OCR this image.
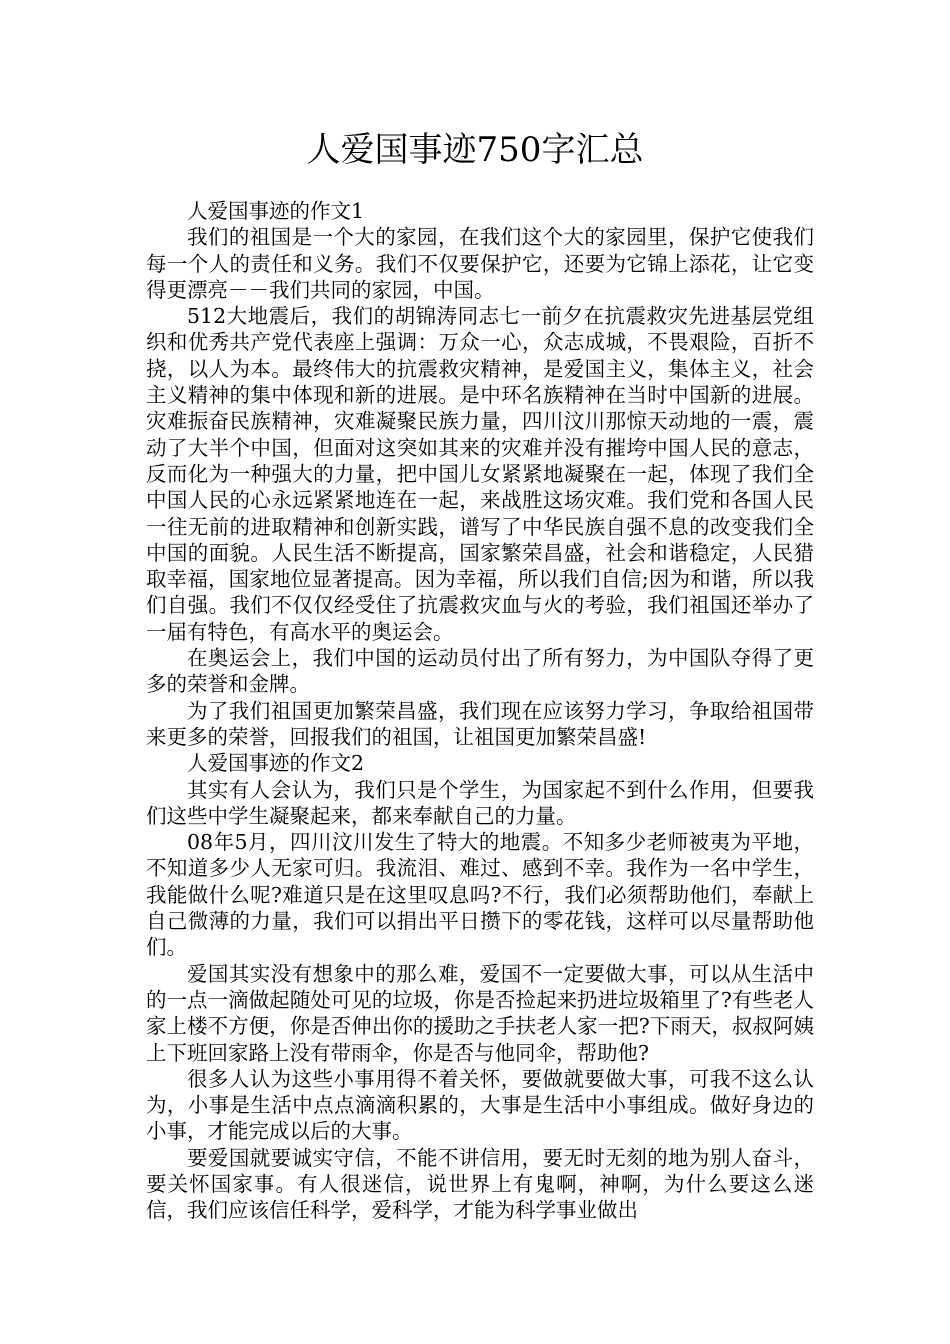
人爱国事迹750字汇总

人爱国事迹的作文1

我们的祖国是一个大的家园，在我们这个大的家园里，保护它使我们每一个人的责任和义务。我们不仅要保护它，还要为它锦上添花，让它变得更漂亮－－我们共同的家园，中国。

512大地震后，我们的胡锦涛同志七一前夕在抗震救灾先进基层党组织和优秀共产党代表座上强调：万众一心，众志成城，不畏艰险，百折不挠，以人为本。最终伟大的抗震救灾精神，是爱国主义，集体主义，社会主义精神的集中体现和新的进展。是中环名族精神在当时中国新的进展。灾难振奋民族精神，灾难凝聚民族力量，四川汶川那惊天动地的一震，震动了大半个中国，但面对这突如其来的灾难并没有摧垮中国人民的意志，反而化为一种强大的力量，把中国儿女紧紧地凝聚在一起，体现了我们全中国人民的心永远紧紧地连在一起，来战胜这场灾难。我们党和各国人民一往无前的进取精神和创新实践，谱写了中华民族自强不息的改变我们全中国的面貌。人民生活不断提高，国家繁荣昌盛，社会和谐稳定，人民猎取幸福，国家地位显著提高。因为幸福，所以我们自信;因为和谐，所以我们自强。我们不仅仅经受住了抗震救灾血与火的考验，我们祖国还举办了一届有特色，有高水平的奥运会。

在奥运会上，我们中国的运动员付出了所有努力，为中国队夺得了更多的荣誉和金牌。

为了我们祖国更加繁荣昌盛，我们现在应该努力学习，争取给祖国带来更多的荣誉，回报我们的祖国，让祖国更加繁荣昌盛!

人爱国事迹的作文2

其实有人会认为，我们只是个学生，为国家起不到什么作用，但要我们这些中学生凝聚起来，都来奉献自己的力量。

08年5月，四川汶川发生了特大的地震。不知多少老师被夷为平地，不知道多少人无家可归。我流泪、难过、感到不幸。我作为一名中学生，我能做什么呢?难道只是在这里叹息吗?不行，我们必须帮助他们，奉献上自己微薄的力量，我们可以捐出平日攒下的零花钱，这样可以尽量帮助他们。

爱国其实没有想象中的那么难，爱国不一定要做大事，可以从生活中的一点一滴做起随处可见的垃圾，你是否捡起来扔进垃圾箱里了?有些老人家上楼不方便，你是否伸出你的援助之手扶老人家一把?下雨天，叔叔阿姨上下班回家路上没有带雨伞，你是否与他同伞，帮助他?

很多人认为这些小事用得不着关怀，要做就要做大事，可我不这么认为，小事是生活中点点滴滴积累的，大事是生活中小事组成。做好身边的小事，才能完成以后的大事。

要爱国就要诚实守信，不能不讲信用，要无时无刻的地为别人奋斗，要关怀国家事。有人很迷信，说世界上有鬼啊，神啊，为什么要这么迷信，我们应该信任科学，爱科学，才能为科学事业做出
